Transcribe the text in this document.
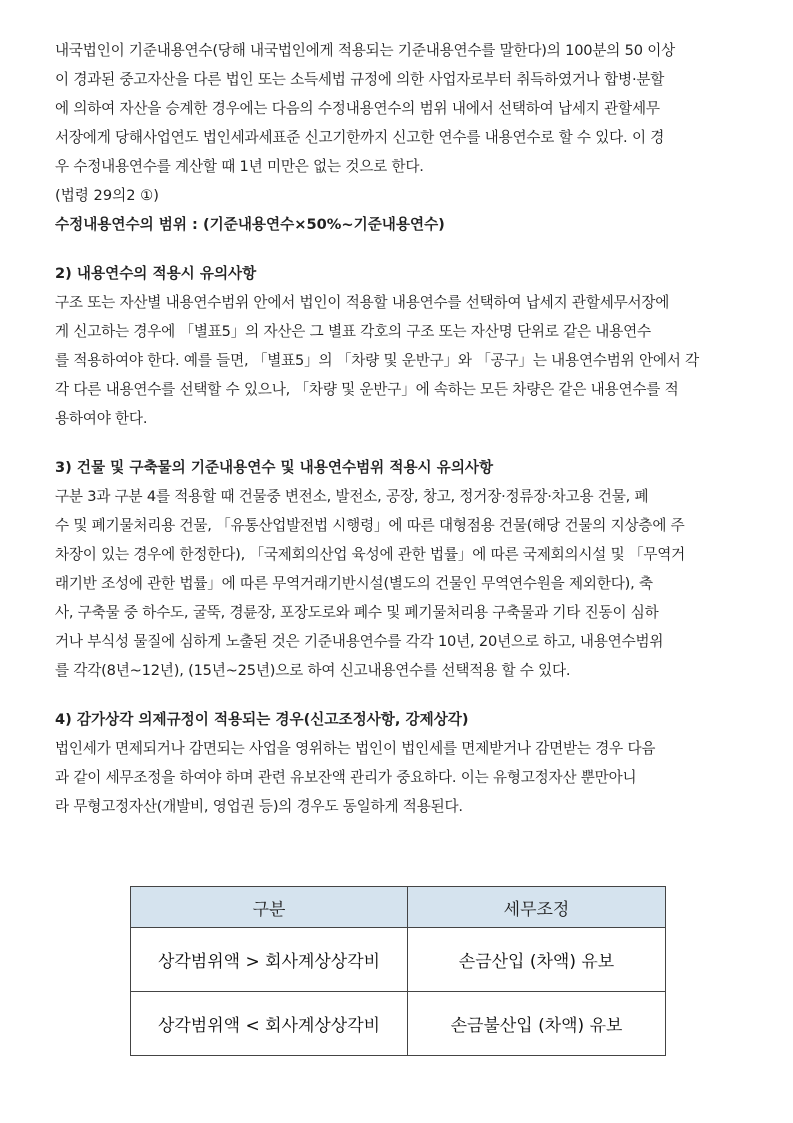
내국법인이 기준내용연수(당해 내국법인에게 적용되는 기준내용연수를 말한다)의 100분의 50 이상
이 경과된 중고자산을 다른 법인 또는 소득세법 규정에 의한 사업자로부터 취득하였거나 합병·분할
에 의하여 자산을 승계한 경우에는 다음의 수정내용연수의 범위 내에서 선택하여 납세지 관할세무
서장에게 당해사업연도 법인세과세표준 신고기한까지 신고한 연수를 내용연수로 할 수 있다. 이 경
우 수정내용연수를 계산할 때 1년 미만은 없는 것으로 한다.

(법령 29의2 ①)

수정내용연수의 범위 : (기준내용연수×50%~기준내용연수)

2) 내용연수의 적용시 유의사항

구조 또는 자산별 내용연수범위 안에서 법인이 적용할 내용연수를 선택하여 납세지 관할세무서장에
게 신고하는 경우에 「별표5」의 자산은 그 별표 각호의 구조 또는 자산명 단위로 같은 내용연수
를 적용하여야 한다. 예를 들면, 「별표5」의 「차량 및 운반구」와 「공구」는 내용연수범위 안에서 각
각 다른 내용연수를 선택할 수 있으나, 「차량 및 운반구」에 속하는 모든 차량은 같은 내용연수를 적
용하여야 한다.

3) 건물 및 구축물의 기준내용연수 및 내용연수범위 적용시 유의사항

구분 3과 구분 4를 적용할 때 건물중 변전소, 발전소, 공장, 창고, 정거장·정류장·차고용 건물, 폐
수 및 폐기물처리용 건물, 「유통산업발전법 시행령」에 따른 대형점용 건물(해당 건물의 지상층에 주
차장이 있는 경우에 한정한다), 「국제회의산업 육성에 관한 법률」에 따른 국제회의시설 및 「무역거
래기반 조성에 관한 법률」에 따른 무역거래기반시설(별도의 건물인 무역연수원을 제외한다), 축
사, 구축물 중 하수도, 굴뚝, 경륜장, 포장도로와 폐수 및 폐기물처리용 구축물과 기타 진동이 심하
거나 부식성 물질에 심하게 노출된 것은 기준내용연수를 각각 10년, 20년으로 하고, 내용연수범위
를 각각(8년~12년), (15년~25년)으로 하여 신고내용연수를 선택적용 할 수 있다.

4) 감가상각 의제규정이 적용되는 경우(신고조정사항, 강제상각)

법인세가 면제되거나 감면되는 사업을 영위하는 법인이 법인세를 면제받거나 감면받는 경우 다음
과 같이 세무조정을 하여야 하며 관련 유보잔액 관리가 중요하다. 이는 유형고정자산 뿐만아니
라 무형고정자산(개발비, 영업권 등)의 경우도 동일하게 적용된다.
구분	세무조정
상각범위액 > 회사계상상각비	손금산입 (차액) 유보
상각범위액 < 회사계상상각비	손금불산입 (차액) 유보
